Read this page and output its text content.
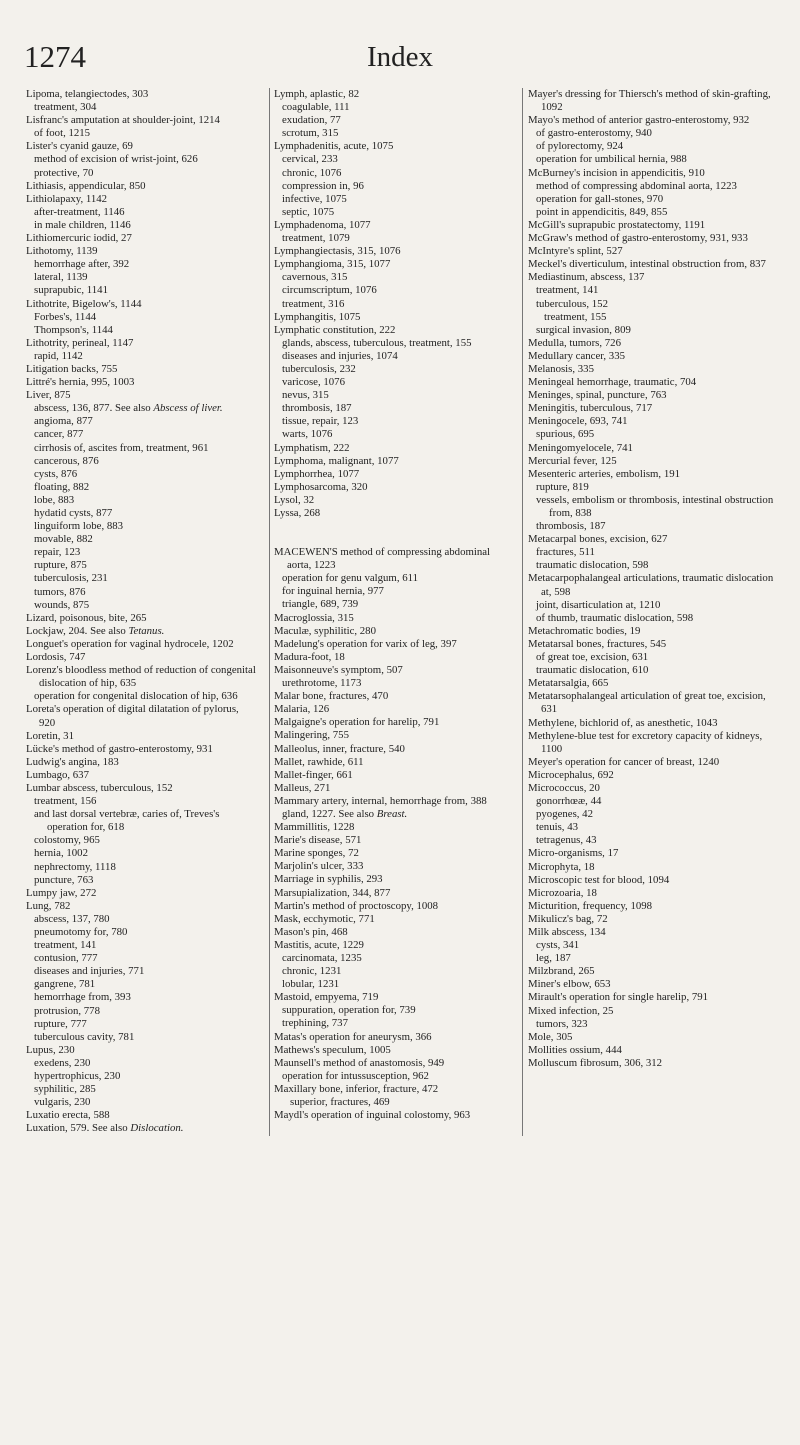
1274	Index
Lipoma, telangiectodes, 303
treatment, 304
Lisfranc's amputation at shoulder-joint, 1214
of foot, 1215
Lister's cyanid gauze, 69
method of excision of wrist-joint, 626
protective, 70
Lithiasis, appendicular, 850
Lithiolapaxy, 1142
after-treatment, 1146
in male children, 1146
Lithiomercuric iodid, 27
Lithotomy, 1139
hemorrhage after, 392
lateral, 1139
suprapubic, 1141
Lithotrite, Bigelow's, 1144
Forbes's, 1144
Thompson's, 1144
Lithotrity, perineal, 1147
rapid, 1142
Litigation backs, 755
Littré's hernia, 995, 1003
Liver, 875
abscess, 136, 877. See also Abscess of liver.
angioma, 877
cancer, 877
cirrhosis of, ascites from, treatment, 961
cancerous, 876
cysts, 876
floating, 882
lobe, 883
hydatid cysts, 877
linguiform lobe, 883
movable, 882
repair, 123
rupture, 875
tuberculosis, 231
tumors, 876
wounds, 875
Lizard, poisonous, bite, 265
Lockjaw, 204. See also Tetanus.
Longuet's operation for vaginal hydrocele, 1202
Lordosis, 747
Lorenz's bloodless method of reduction of congenital dislocation of hip, 635
operation for congenital dislocation of hip, 636
Loreta's operation of digital dilatation of pylorus, 920
Loretin, 31
Lücke's method of gastro-enterostomy, 931
Ludwig's angina, 183
Lumbago, 637
Lumbar abscess, tuberculous, 152
treatment, 156
and last dorsal vertebræ, caries of, Treves's operation for, 618
colostomy, 965
hernia, 1002
nephrectomy, 1118
puncture, 763
Lumpy jaw, 272
Lung, 782
abscess, 137, 780
pneumotomy for, 780
treatment, 141
contusion, 777
diseases and injuries, 771
gangrene, 781
hemorrhage from, 393
protrusion, 778
rupture, 777
tuberculous cavity, 781
Lupus, 230
exedens, 230
hypertrophicus, 230
syphilitic, 285
vulgaris, 230
Luxatio erecta, 588
Luxation, 579. See also Dislocation.
Lymph, aplastic, 82
coagulable, 111
exudation, 77
scrotum, 315
Lymphadenitis, acute, 1075
cervical, 233
chronic, 1076
compression in, 96
infective, 1075
septic, 1075
Lymphadenoma, 1077
treatment, 1079
Lymphangiectasis, 315, 1076
Lymphangioma, 315, 1077
cavernous, 315
circumscriptum, 1076
treatment, 316
Lymphangitis, 1075
Lymphatic constitution, 222
glands, abscess, tuberculous, treatment, 155
diseases and injuries, 1074
tuberculosis, 232
varicose, 1076
nevus, 315
thrombosis, 187
tissue, repair, 123
warts, 1076
Lymphatism, 222
Lymphoma, malignant, 1077
Lymphorrhea, 1077
Lymphosarcoma, 320
Lysol, 32
Lyssa, 268
MACEWEN'S method of compressing abdominal aorta, 1223
operation for genu valgum, 611
for inguinal hernia, 977
triangle, 689, 739
Macroglossia, 315
Maculæ, syphilitic, 280
Madelung's operation for varix of leg, 397
Madura-foot, 18
Maisonneuve's symptom, 507
urethrotome, 1173
Malar bone, fractures, 470
Malaria, 126
Malgaigne's operation for harelip, 791
Malingering, 755
Malleolus, inner, fracture, 540
Mallet, rawhide, 611
Mallet-finger, 661
Malleus, 271
Mammary artery, internal, hemorrhage from, 388
gland, 1227. See also Breast.
Mammillitis, 1228
Marie's disease, 571
Marine sponges, 72
Marjolin's ulcer, 333
Marriage in syphilis, 293
Marsupialization, 344, 877
Martin's method of proctoscopy, 1008
Mask, ecchymotic, 771
Mason's pin, 468
Mastitis, acute, 1229
carcinomata, 1235
chronic, 1231
lobular, 1231
Mastoid, empyema, 719
suppuration, operation for, 739
trephining, 737
Matas's operation for aneurysm, 366
Mathews's speculum, 1005
Maunsell's method of anastomosis, 949
operation for intussusception, 962
Maxillary bone, inferior, fracture, 472
superior, fractures, 469
Maydl's operation of inguinal colostomy, 963
Mayer's dressing for Thiersch's method of skin-grafting, 1092
Mayo's method of anterior gastro-enterostomy, 932
of gastro-enterostomy, 940
of pylorectomy, 924
operation for umbilical hernia, 988
McBurney's incision in appendicitis, 910
method of compressing abdominal aorta, 1223
operation for gall-stones, 970
point in appendicitis, 849, 855
McGill's suprapubic prostatectomy, 1191
McGraw's method of gastro-enterostomy, 931, 933
McIntyre's splint, 527
Meckel's diverticulum, intestinal obstruction from, 837
Mediastinum, abscess, 137
treatment, 141
tuberculous, 152
treatment, 155
surgical invasion, 809
Medulla, tumors, 726
Medullary cancer, 335
Melanosis, 335
Meningeal hemorrhage, traumatic, 704
Meninges, spinal, puncture, 763
Meningitis, tuberculous, 717
Meningocele, 693, 741
spurious, 695
Meningomyelocele, 741
Mercurial fever, 125
Mesenteric arteries, embolism, 191
rupture, 819
vessels, embolism or thrombosis, intestinal obstruction from, 838
thrombosis, 187
Metacarpal bones, excision, 627
fractures, 511
traumatic dislocation, 598
Metacarpophalangeal articulations, traumatic dislocation at, 598
joint, disarticulation at, 1210
of thumb, traumatic dislocation, 598
Metachromatic bodies, 19
Metatarsal bones, fractures, 545
of great toe, excision, 631
traumatic dislocation, 610
Metatarsalgia, 665
Metatarsophalangeal articulation of great toe, excision, 631
Methylene, bichlorid of, as anesthetic, 1043
Methylene-blue test for excretory capacity of kidneys, 1100
Meyer's operation for cancer of breast, 1240
Microcephalus, 692
Micrococcus, 20
gonorrhœæ, 44
pyogenes, 42
tenuis, 43
tetragenus, 43
Micro-organisms, 17
Microphyta, 18
Microscopic test for blood, 1094
Microzoaria, 18
Micturition, frequency, 1098
Mikulicz's bag, 72
Milk abscess, 134
cysts, 341
leg, 187
Milzbrand, 265
Miner's elbow, 653
Mirault's operation for single harelip, 791
Mixed infection, 25
tumors, 323
Mole, 305
Mollities ossium, 444
Molluscum fibrosum, 306, 312
